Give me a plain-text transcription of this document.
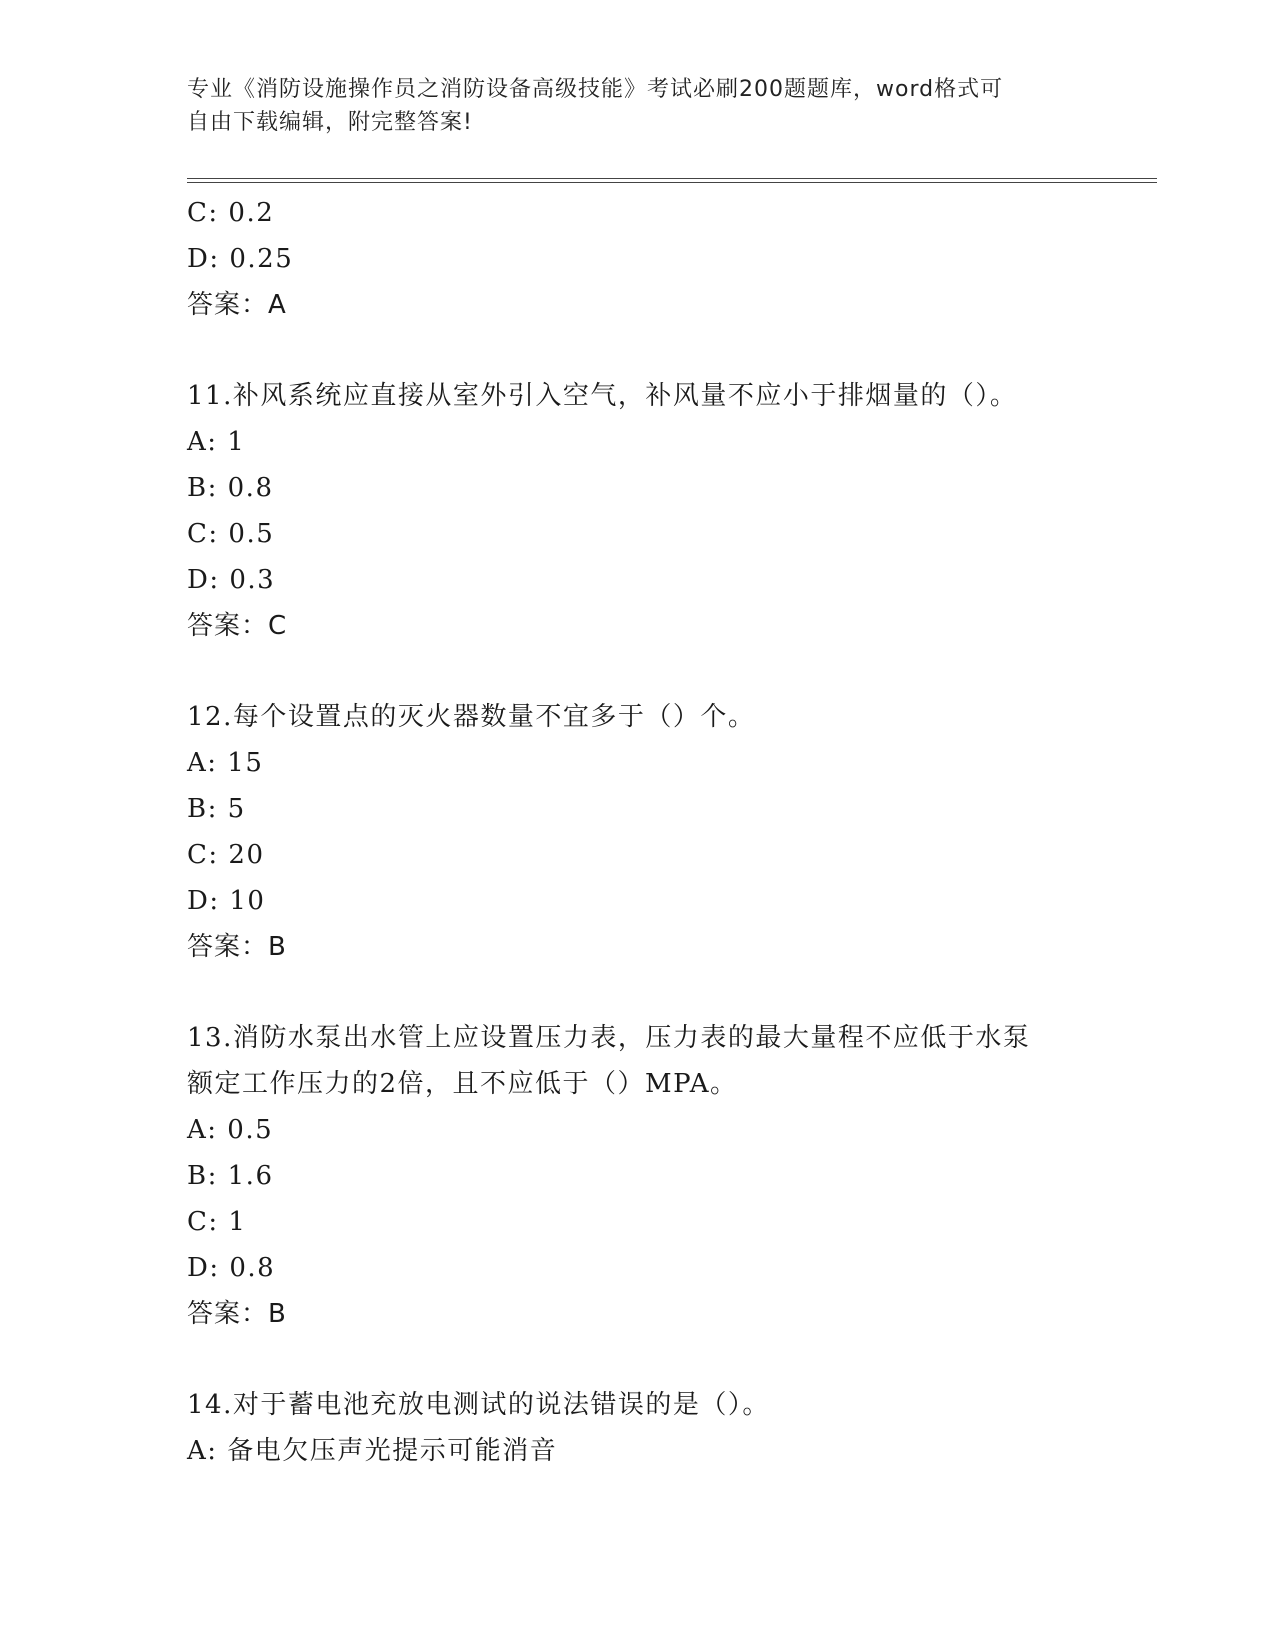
专业《消防设施操作员之消防设备高级技能》考试必刷200题题库，word格式可
自由下载编辑，附完整答案!
C: 0.2
D: 0.25
答案：A
11.补风系统应直接从室外引入空气，补风量不应小于排烟量的（）。
A: 1
B: 0.8
C: 0.5
D: 0.3
答案：C
12.每个设置点的灭火器数量不宜多于（）个。
A: 15
B: 5
C: 20
D: 10
答案：B
13.消防水泵出水管上应设置压力表，压力表的最大量程不应低于水泵
额定工作压力的2倍，且不应低于（）MPA。
A: 0.5
B: 1.6
C: 1
D: 0.8
答案：B
14.对于蓄电池充放电测试的说法错误的是（）。
A: 备电欠压声光提示可能消音
